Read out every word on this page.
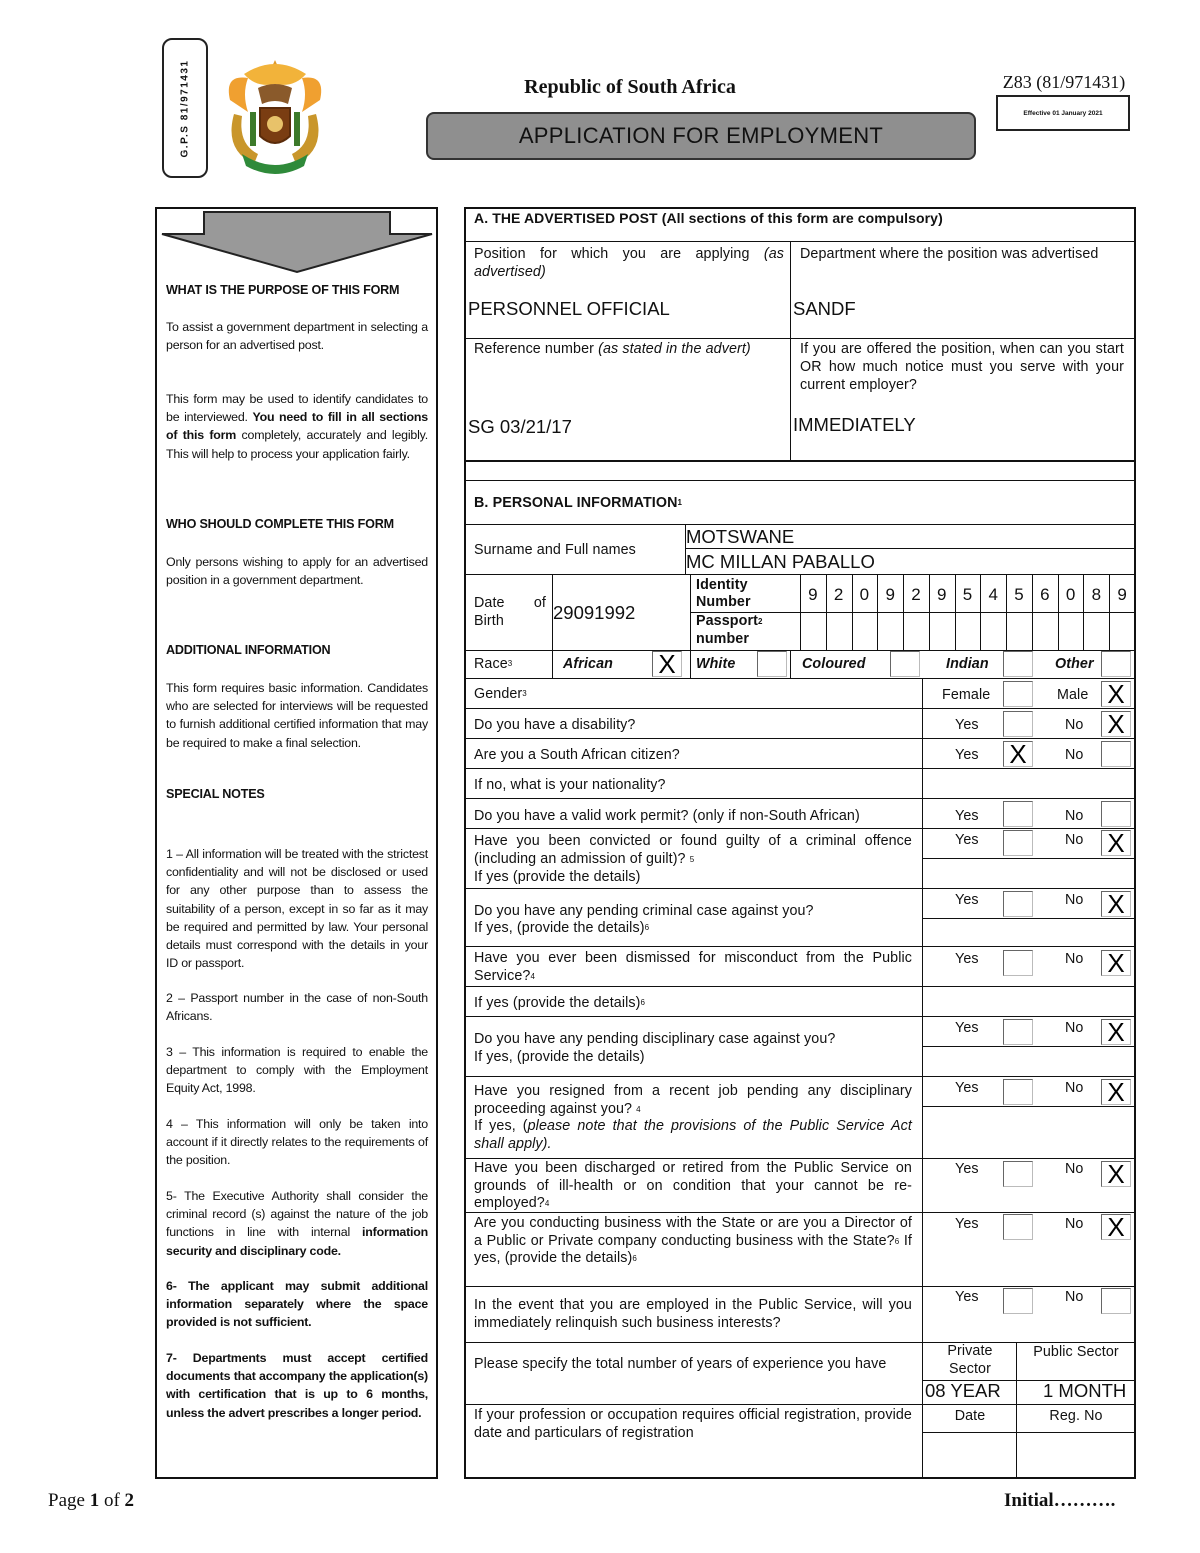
G.P.S 81/971431	Republic of South Africa
APPLICATION FOR EMPLOYMENT
Z83 (81/971431)
Effective 01 January 2021
WHAT IS THE PURPOSE OF THIS FORM
To assist a government department in selecting a person for an advertised post.
This form may be used to identify candidates to be interviewed. You need to fill in all sections of this form completely, accurately and legibly. This will help to process your application fairly.
WHO SHOULD COMPLETE THIS FORM
Only persons wishing to apply for an advertised position in a government department.
ADDITIONAL INFORMATION
This form requires basic information. Candidates who are selected for interviews will be requested to furnish additional certified information that may be required to make a final selection.
SPECIAL NOTES
1 – All information will be treated with the strictest confidentiality and will not be disclosed or used for any other purpose than to assess the suitability of a person, except in so far as it may be required and permitted by law. Your personal details must correspond with the details in your ID or passport.
2 – Passport number in the case of non-South Africans.
3 – This information is required to enable the department to comply with the Employment Equity Act, 1998.
4 – This information will only be taken into account if it directly relates to the requirements of the position.
5- The Executive Authority shall consider the criminal record (s) against the nature of the job functions in line with internal information security and disciplinary code.
6- The applicant may submit additional information separately where the space provided is not sufficient.
7- Departments must accept certified documents that accompany the application(s) with certification that is up to 6 months, unless the advert prescribes a longer period.
A. THE ADVERTISED POST (All sections of this form are compulsory)
Position for which you are applying (as advertised)
PERSONNEL OFFICIAL
Department where the position was advertised
SANDF
Reference number (as stated in the advert)
SG 03/21/17
If you are offered the position, when can you start OR how much notice must you serve with your current employer?
IMMEDIATELY
B. PERSONAL INFORMATION$^1$
Surname and Full names
MOTSWANE
MC MILLAN PABALLO
Date of Birth	29091992
Identity Number	9 2 0 9 2 9 5 4 5 6 0 8 9
Passport$^2$
number
Race$^3$	African X White	Coloured	Indian	Other
Gender$^3$	Female	Male X
Do you have a disability?	Yes	No X
Are you a South African citizen?	Yes X	No
If no, what is your nationality?
Do you have a valid work permit? (only if non-South African)	Yes	No
Have you been convicted or found guilty of a criminal offence (including an admission of guilt)? $^5$
If yes (provide the details)
Yes	No X
Do you have any pending criminal case against you?
If yes, (provide the details)$^6$
Yes	No X
Have you ever been dismissed for misconduct from the Public Service?$^4$
Yes	No X
If yes (provide the details)$^6$
Do you have any pending disciplinary case against you?
If yes, (provide the details)
Yes	No X
Have you resigned from a recent job pending any disciplinary proceeding against you? $^4$
If yes, (please note that the provisions of the Public Service Act shall apply).
Yes	No X
Have you been discharged or retired from the Public Service on grounds of ill-health or on condition that your cannot be re-employed?$^4$
Yes	No X
Are you conducting business with the State or are you a Director of a Public or Private company conducting business with the State?$^6$ If yes, (provide the details)$^6$
Yes	No X
In the event that you are employed in the Public Service, will you immediately relinquish such business interests?
Yes	No
Please specify the total number of years of experience you have
Private Sector
Public Sector
08 YEAR 1 MONTH
If your profession or occupation requires official registration, provide date and particulars of registration
Date	Reg. No
Page 1 of 2	Initial……….
